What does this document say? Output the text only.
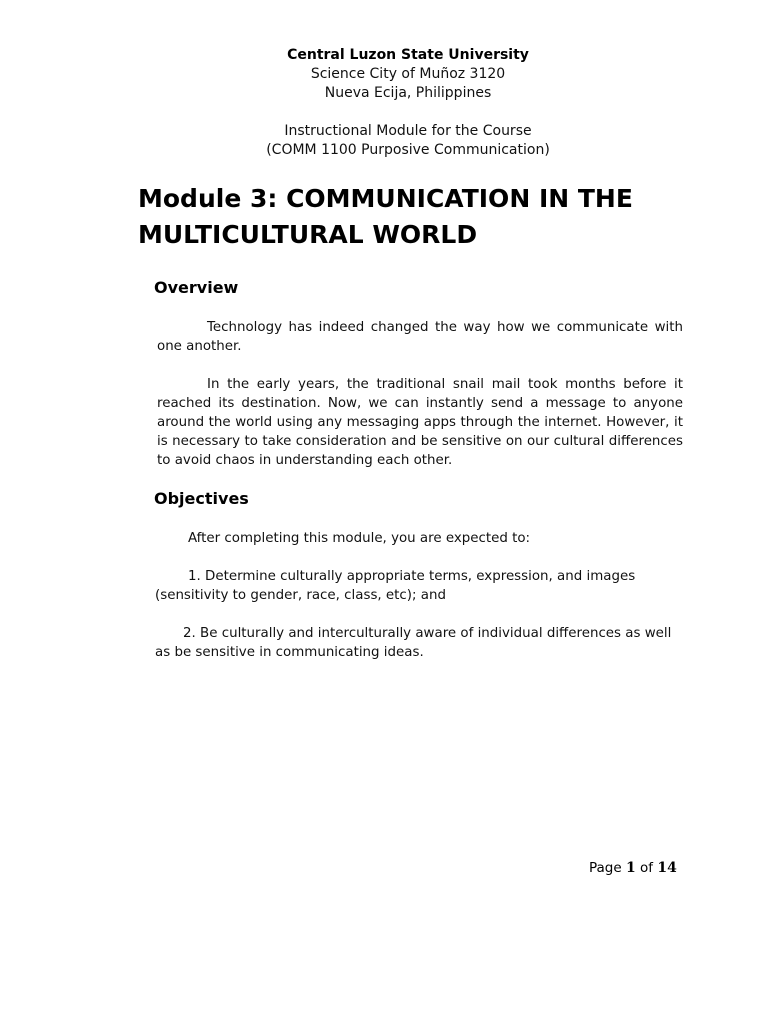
Central Luzon State University
Science City of Muñoz 3120
Nueva Ecija, Philippines
Instructional Module for the Course
(COMM 1100 Purposive Communication)
Module 3: COMMUNICATION IN THE
MULTICULTURAL WORLD
Overview

Technology has indeed changed the way how we communicate with one another.

In the early years, the traditional snail mail took months before it reached its destination. Now, we can instantly send a message to anyone around the world using any messaging apps through the internet. However, it is necessary to take consideration and be sensitive on our cultural differences to avoid chaos in understanding each other.

Objectives

After completing this module, you are expected to:

1. Determine culturally appropriate terms, expression, and images (sensitivity to gender, race, class, etc); and

2. Be culturally and interculturally aware of individual differences as well as be sensitive in communicating ideas.

Page 1 of 14
